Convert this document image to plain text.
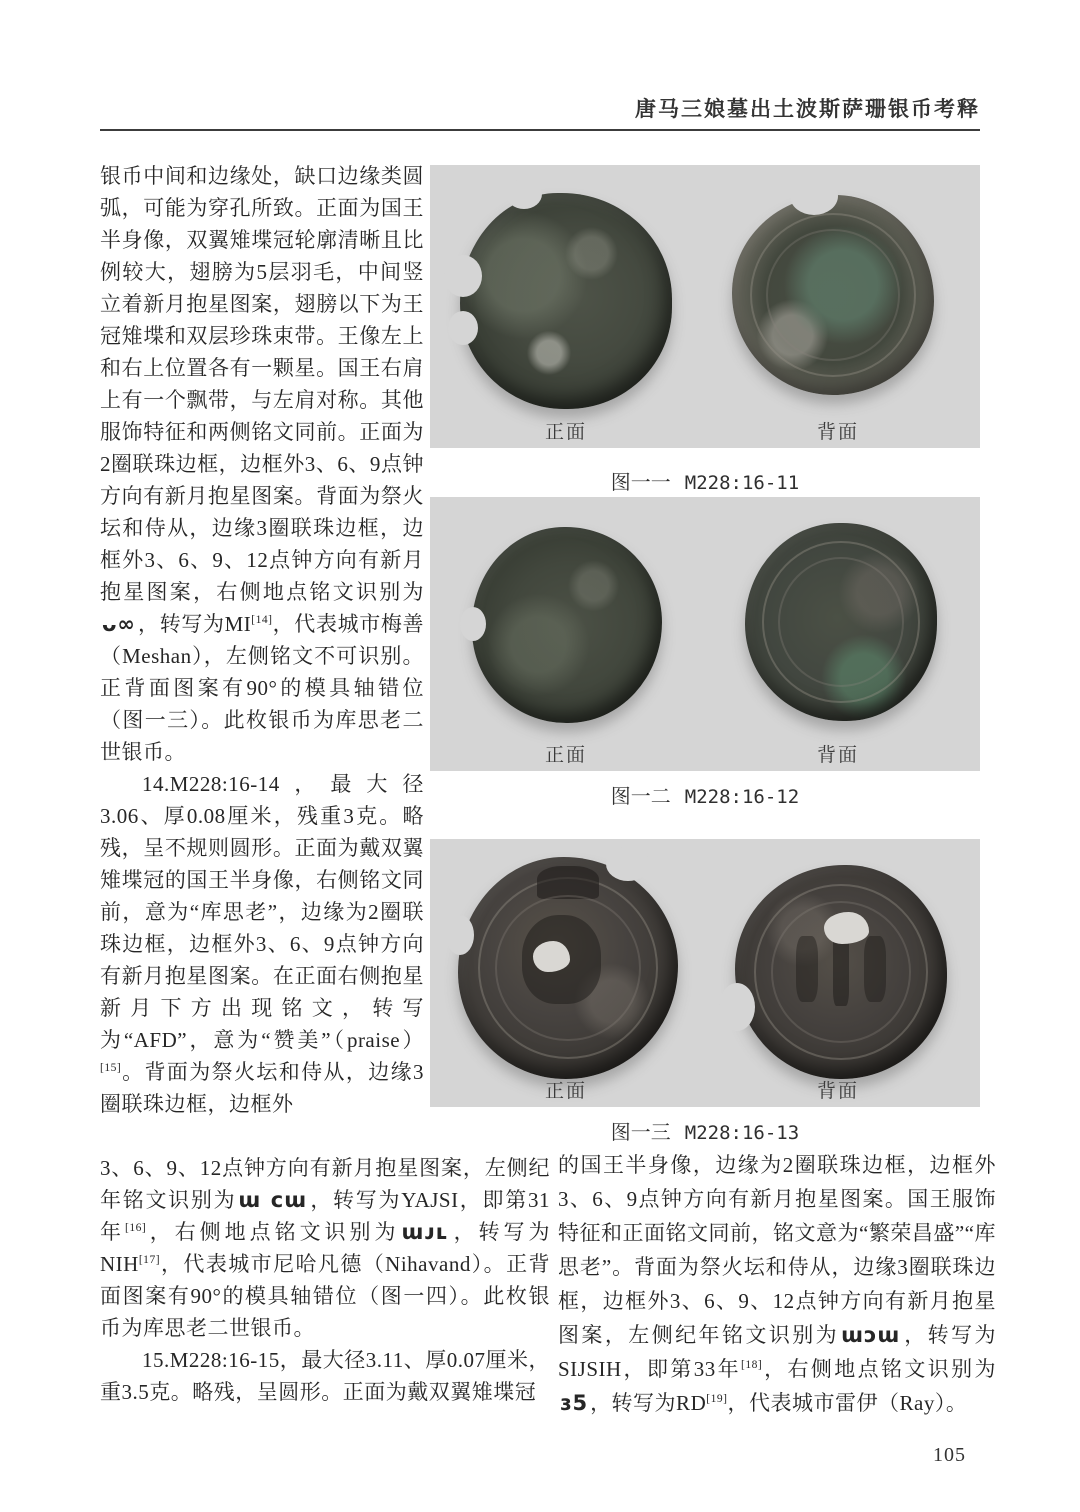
唐马三娘墓出土波斯萨珊银币考释

银币中间和边缘处，缺口边缘类圆弧，可能为穿孔所致。正面为国王半身像，双翼雉堞冠轮廓清晰且比例较大，翅膀为5层羽毛，中间竖立着新月抱星图案，翅膀以下为王冠雉堞和双层珍珠束带。王像左上和右上位置各有一颗星。国王右肩上有一个飘带，与左肩对称。其他服饰特征和两侧铭文同前。正面为2圈联珠边框，边框外3、6、9点钟方向有新月抱星图案。背面为祭火坛和侍从，边缘3圈联珠边框，边框外3、6、9、12点钟方向有新月抱星图案，右侧地点铭文识别为ᴗ∞，转写为MI[14]，代表城市梅善（Meshan），左侧铭文不可识别。正背面图案有90°的模具轴错位（图一三）。此枚银币为库思老二世银币。

14.M228:16-14，最大径3.06、厚0.08厘米，残重3克。略残，呈不规则圆形。正面为戴双翼雉堞冠的国王半身像，右侧铭文同前，意为“库思老”，边缘为2圈联珠边框，边框外3、6、9点钟方向有新月抱星图案。在正面右侧抱星新月下方出现铭文，转写为“AFD”，意为“赞美”（praise）[15]。背面为祭火坛和侍从，边缘3圈联珠边框，边框外

正面	背面
图一一 M228:16-11
正面	背面
图一二 M228:16-12
正面	背面
图一三 M228:16-13

3、6、9、12点钟方向有新月抱星图案，左侧纪年铭文识别为ɯ ᴄɯ，转写为YAJSI，即第31年[16]，右侧地点铭文识别为ɯᴊʟ，转写为NIH[17]，代表城市尼哈凡德（Nihavand）。正背面图案有90°的模具轴错位（图一四）。此枚银币为库思老二世银币。

15.M228:16-15，最大径3.11、厚0.07厘米，重3.5克。略残，呈圆形。正面为戴双翼雉堞冠

的国王半身像，边缘为2圈联珠边框，边框外3、6、9点钟方向有新月抱星图案。国王服饰特征和正面铭文同前，铭文意为“繁荣昌盛”“库思老”。背面为祭火坛和侍从，边缘3圈联珠边框，边框外3、6、9、12点钟方向有新月抱星图案，左侧纪年铭文识别为ɯɔɯ，转写为SIJSIH，即第33年[18]，右侧地点铭文识别为ɜ5，转写为RD[19]，代表城市雷伊（Ray）。

105
